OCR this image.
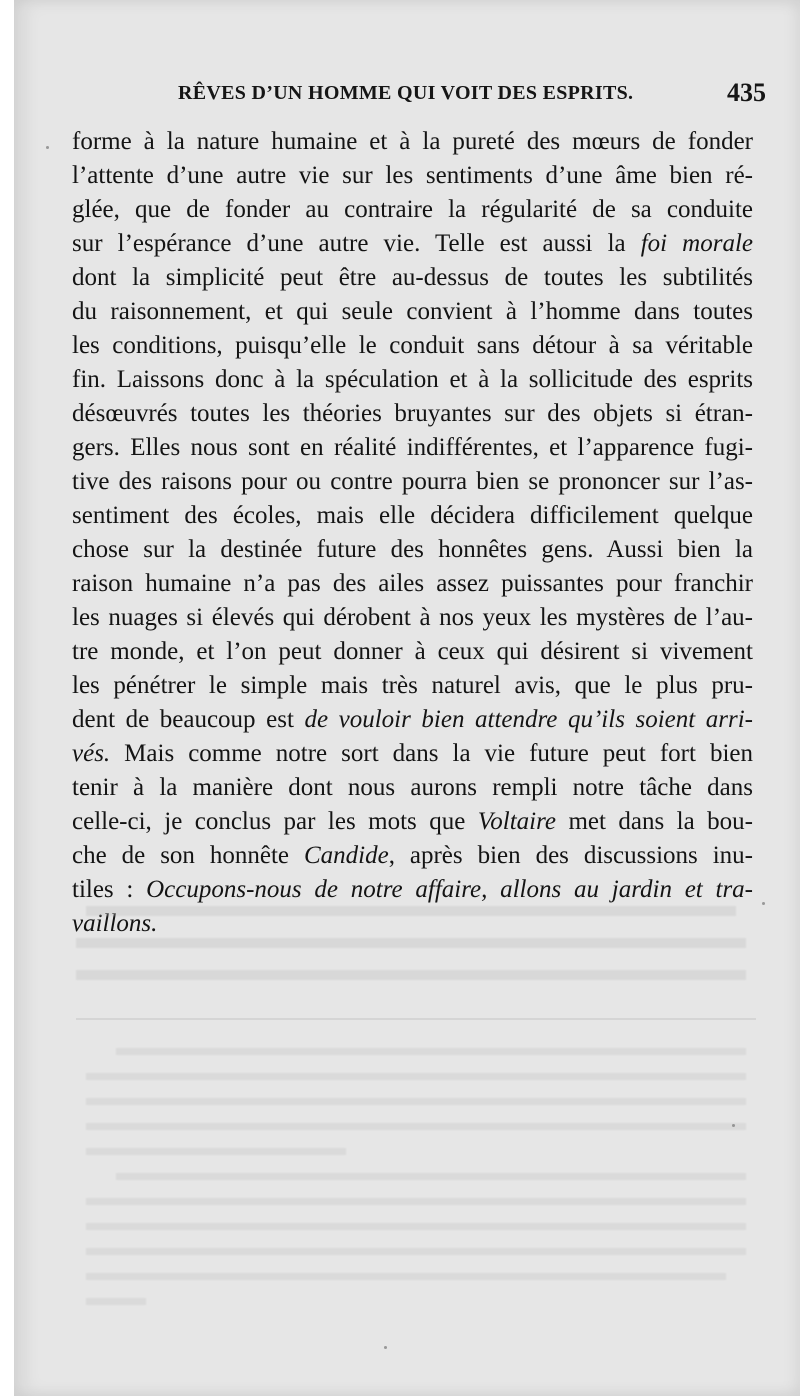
RÊVES D’UN HOMME QUI VOIT DES ESPRITS.	435
forme à la nature humaine et à la pureté des mœurs de fonder
l’attente d’une autre vie sur les sentiments d’une âme bien ré-
glée, que de fonder au contraire la régularité de sa conduite
sur l’espérance d’une autre vie. Telle est aussi la foi morale
dont la simplicité peut être au-dessus de toutes les subtilités
du raisonnement, et qui seule convient à l’homme dans toutes
les conditions, puisqu’elle le conduit sans détour à sa véritable
fin. Laissons donc à la spéculation et à la sollicitude des esprits
désœuvrés toutes les théories bruyantes sur des objets si étran-
gers. Elles nous sont en réalité indifférentes, et l’apparence fugi-
tive des raisons pour ou contre pourra bien se prononcer sur l’as-
sentiment des écoles, mais elle décidera difficilement quelque
chose sur la destinée future des honnêtes gens. Aussi bien la
raison humaine n’a pas des ailes assez puissantes pour franchir
les nuages si élevés qui dérobent à nos yeux les mystères de l’au-
tre monde, et l’on peut donner à ceux qui désirent si vivement
les pénétrer le simple mais très naturel avis, que le plus pru-
dent de beaucoup est de vouloir bien attendre qu’ils soient arri-
vés. Mais comme notre sort dans la vie future peut fort bien
tenir à la manière dont nous aurons rempli notre tâche dans
celle-ci, je conclus par les mots que Voltaire met dans la bou-
che de son honnête Candide, après bien des discussions inu-
tiles : Occupons-nous de notre affaire, allons au jardin et tra-
vaillons.
